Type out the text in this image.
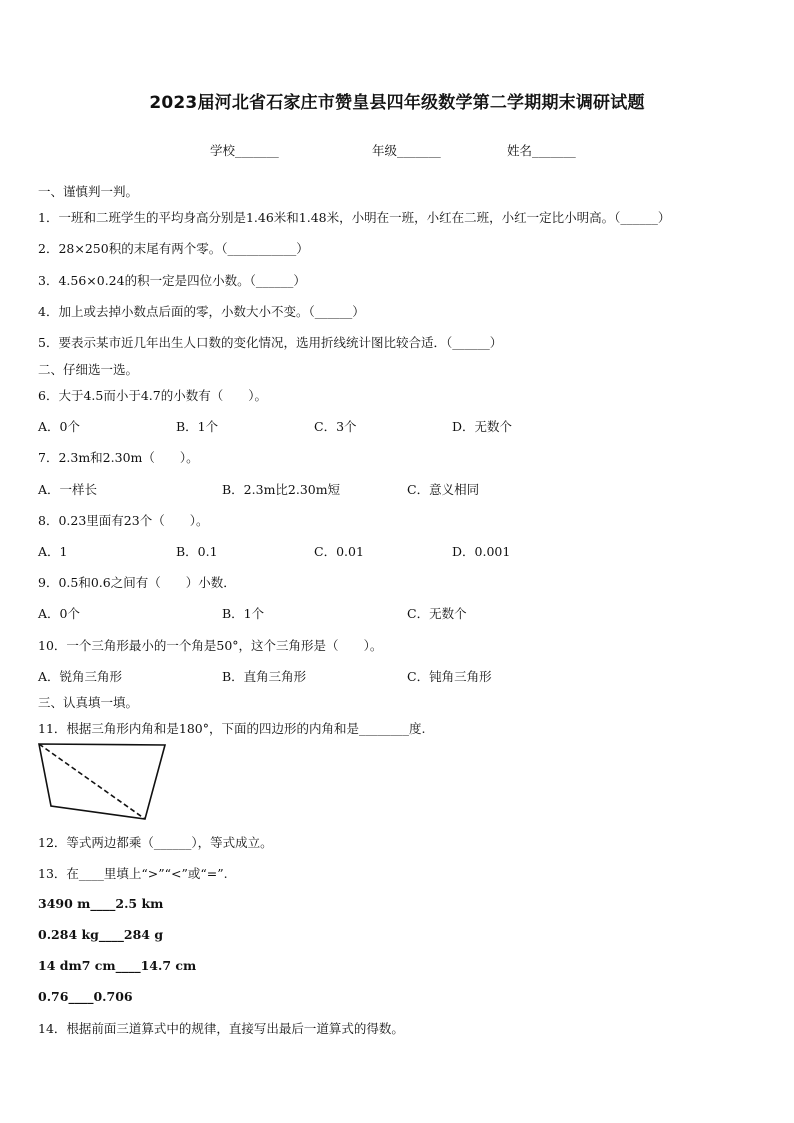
2023届河北省石家庄市赞皇县四年级数学第二学期期末调研试题
学校_______	年级_______	姓名_______
一、谨慎判一判。
1．一班和二班学生的平均身高分别是1.46米和1.48米，小明在一班，小红在二班，小红一定比小明高。（______）
2．28×250积的末尾有两个零。（___________）
3．4.56×0.24的积一定是四位小数。（______）
4．加上或去掉小数点后面的零，小数大小不变。（______）
5．要表示某市近几年出生人口数的变化情况，选用折线统计图比较合适．（______）
二、仔细选一选。
6．大于4.5而小于4.7的小数有（　　）。
A．0个	B．1个	C．3个	D．无数个
7．2.3m和2.30m（　　）。
A．一样长	B．2.3m比2.30m短	C．意义相同
8．0.23里面有23个（　　）。
A．1	B．0.1	C．0.01	D．0.001
9．0.5和0.6之间有（　　）小数．
A．0个	B．1个	C．无数个
10．一个三角形最小的一个角是50°，这个三角形是（　　）。
A．锐角三角形	B．直角三角形	C．钝角三角形
三、认真填一填。
11．根据三角形内角和是180°，下面的四边形的内角和是________度.
12．等式两边都乘（______），等式成立。
13．在____里填上“>”“<”或“=”.
3490 m____2.5 km
0.284 kg____284 g
14 dm7 cm____14.7 cm
0.76____0.706
14．根据前面三道算式中的规律，直接写出最后一道算式的得数。
